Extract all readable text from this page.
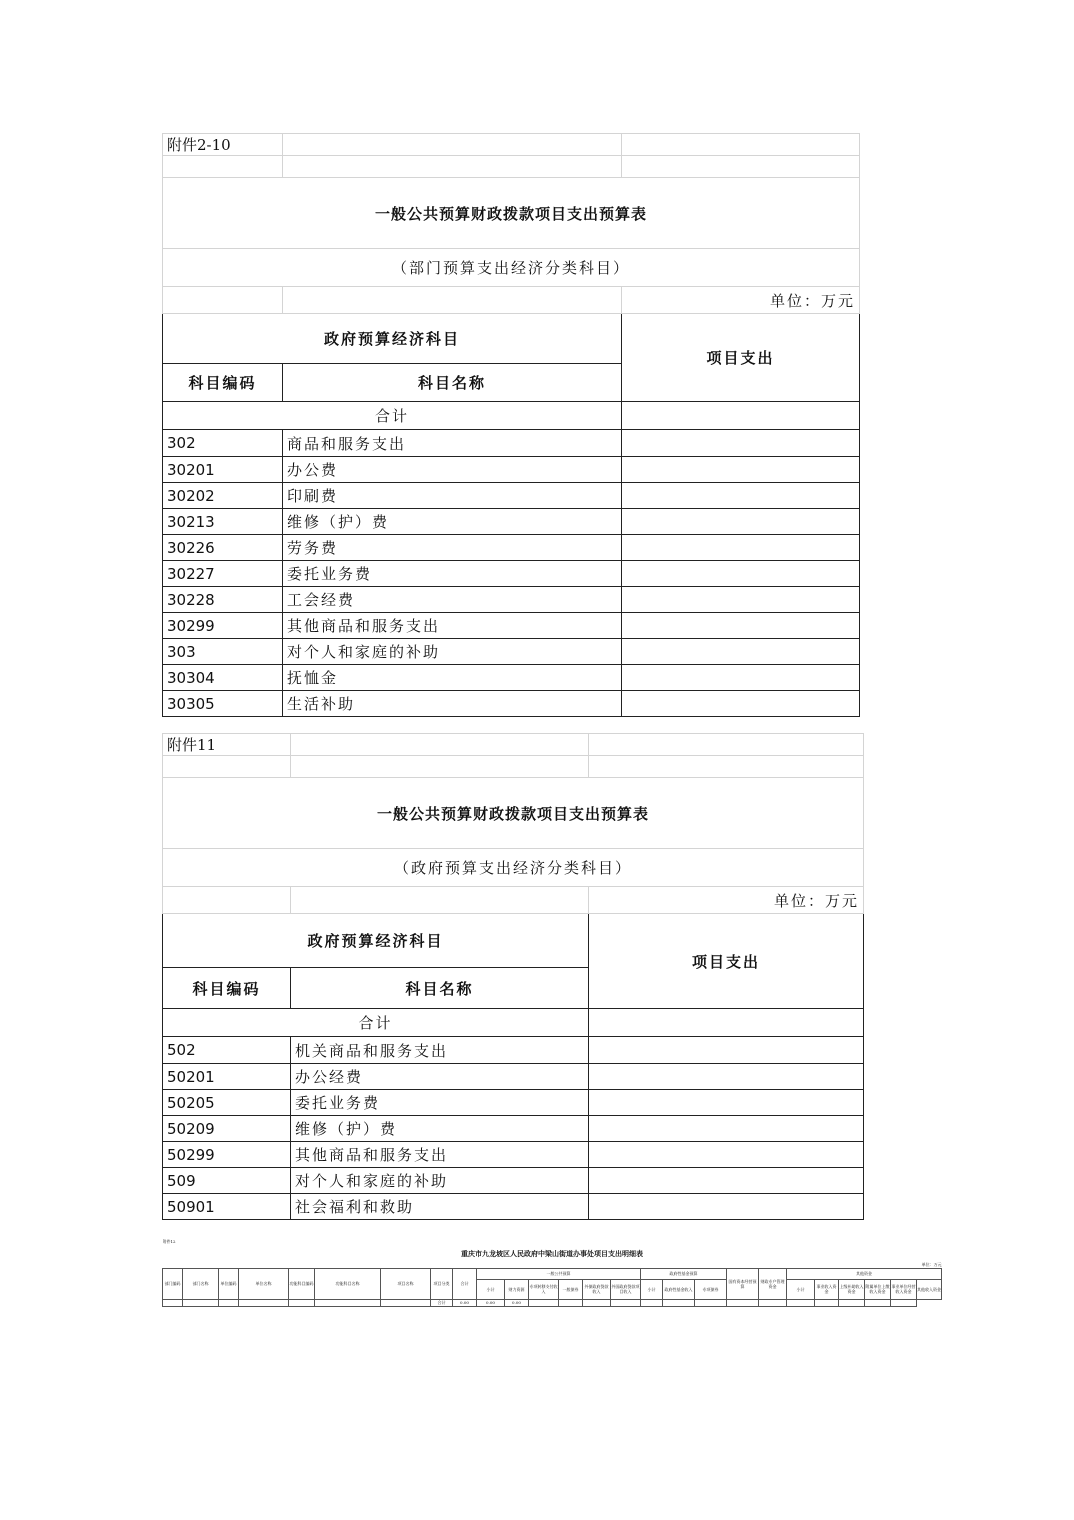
附件2-10		

一般公共预算财政拨款项目支出预算表		
（部门预算支出经济分类科目）		
		单位：万元
政府预算经济科目		项目支出
科目编码	科目名称	
合计		
302	商品和服务支出	
30201	办公费	
30202	印刷费	
30213	维修（护）费	
30226	劳务费	
30227	委托业务费	
30228	工会经费	
30299	其他商品和服务支出	
303	对个人和家庭的补助	
30304	抚恤金	
30305	生活补助	
附件11		

一般公共预算财政拨款项目支出预算表		
（政府预算支出经济分类科目）		
		单位：万元
政府预算经济科目		项目支出
科目编码	科目名称	
合计		
502	机关商品和服务支出	
50201	办公经费	
50205	委托业务费	
50209	维修（护）费	
50299	其他商品和服务支出	
509	对个人和家庭的补助	
50901	社会福利和救助	
附件12																									
重庆市九龙坡区人民政府中梁山街道办事处项目支出明细表																									
单位：万元																									
部门编码	部门名称	单位编码	单位名称	功能科目编码	功能科目名称	项目名称	项目分类	合计	一般公共预算						政府性基金预算			国有资本经营预算	财政专户管理资金	其他资金					
									小计	财力资源	专项转移支付收入	一般债券	外债政府贷款收入	外国政府贷款项目收入	小计	政府性基金收入	专项债券			小计	事业收入资金	上级补助收入资金	附属单位上缴收入资金	事业单位经营收入资金	其他收入资金
							合计	0.00	0.00	0.00															
